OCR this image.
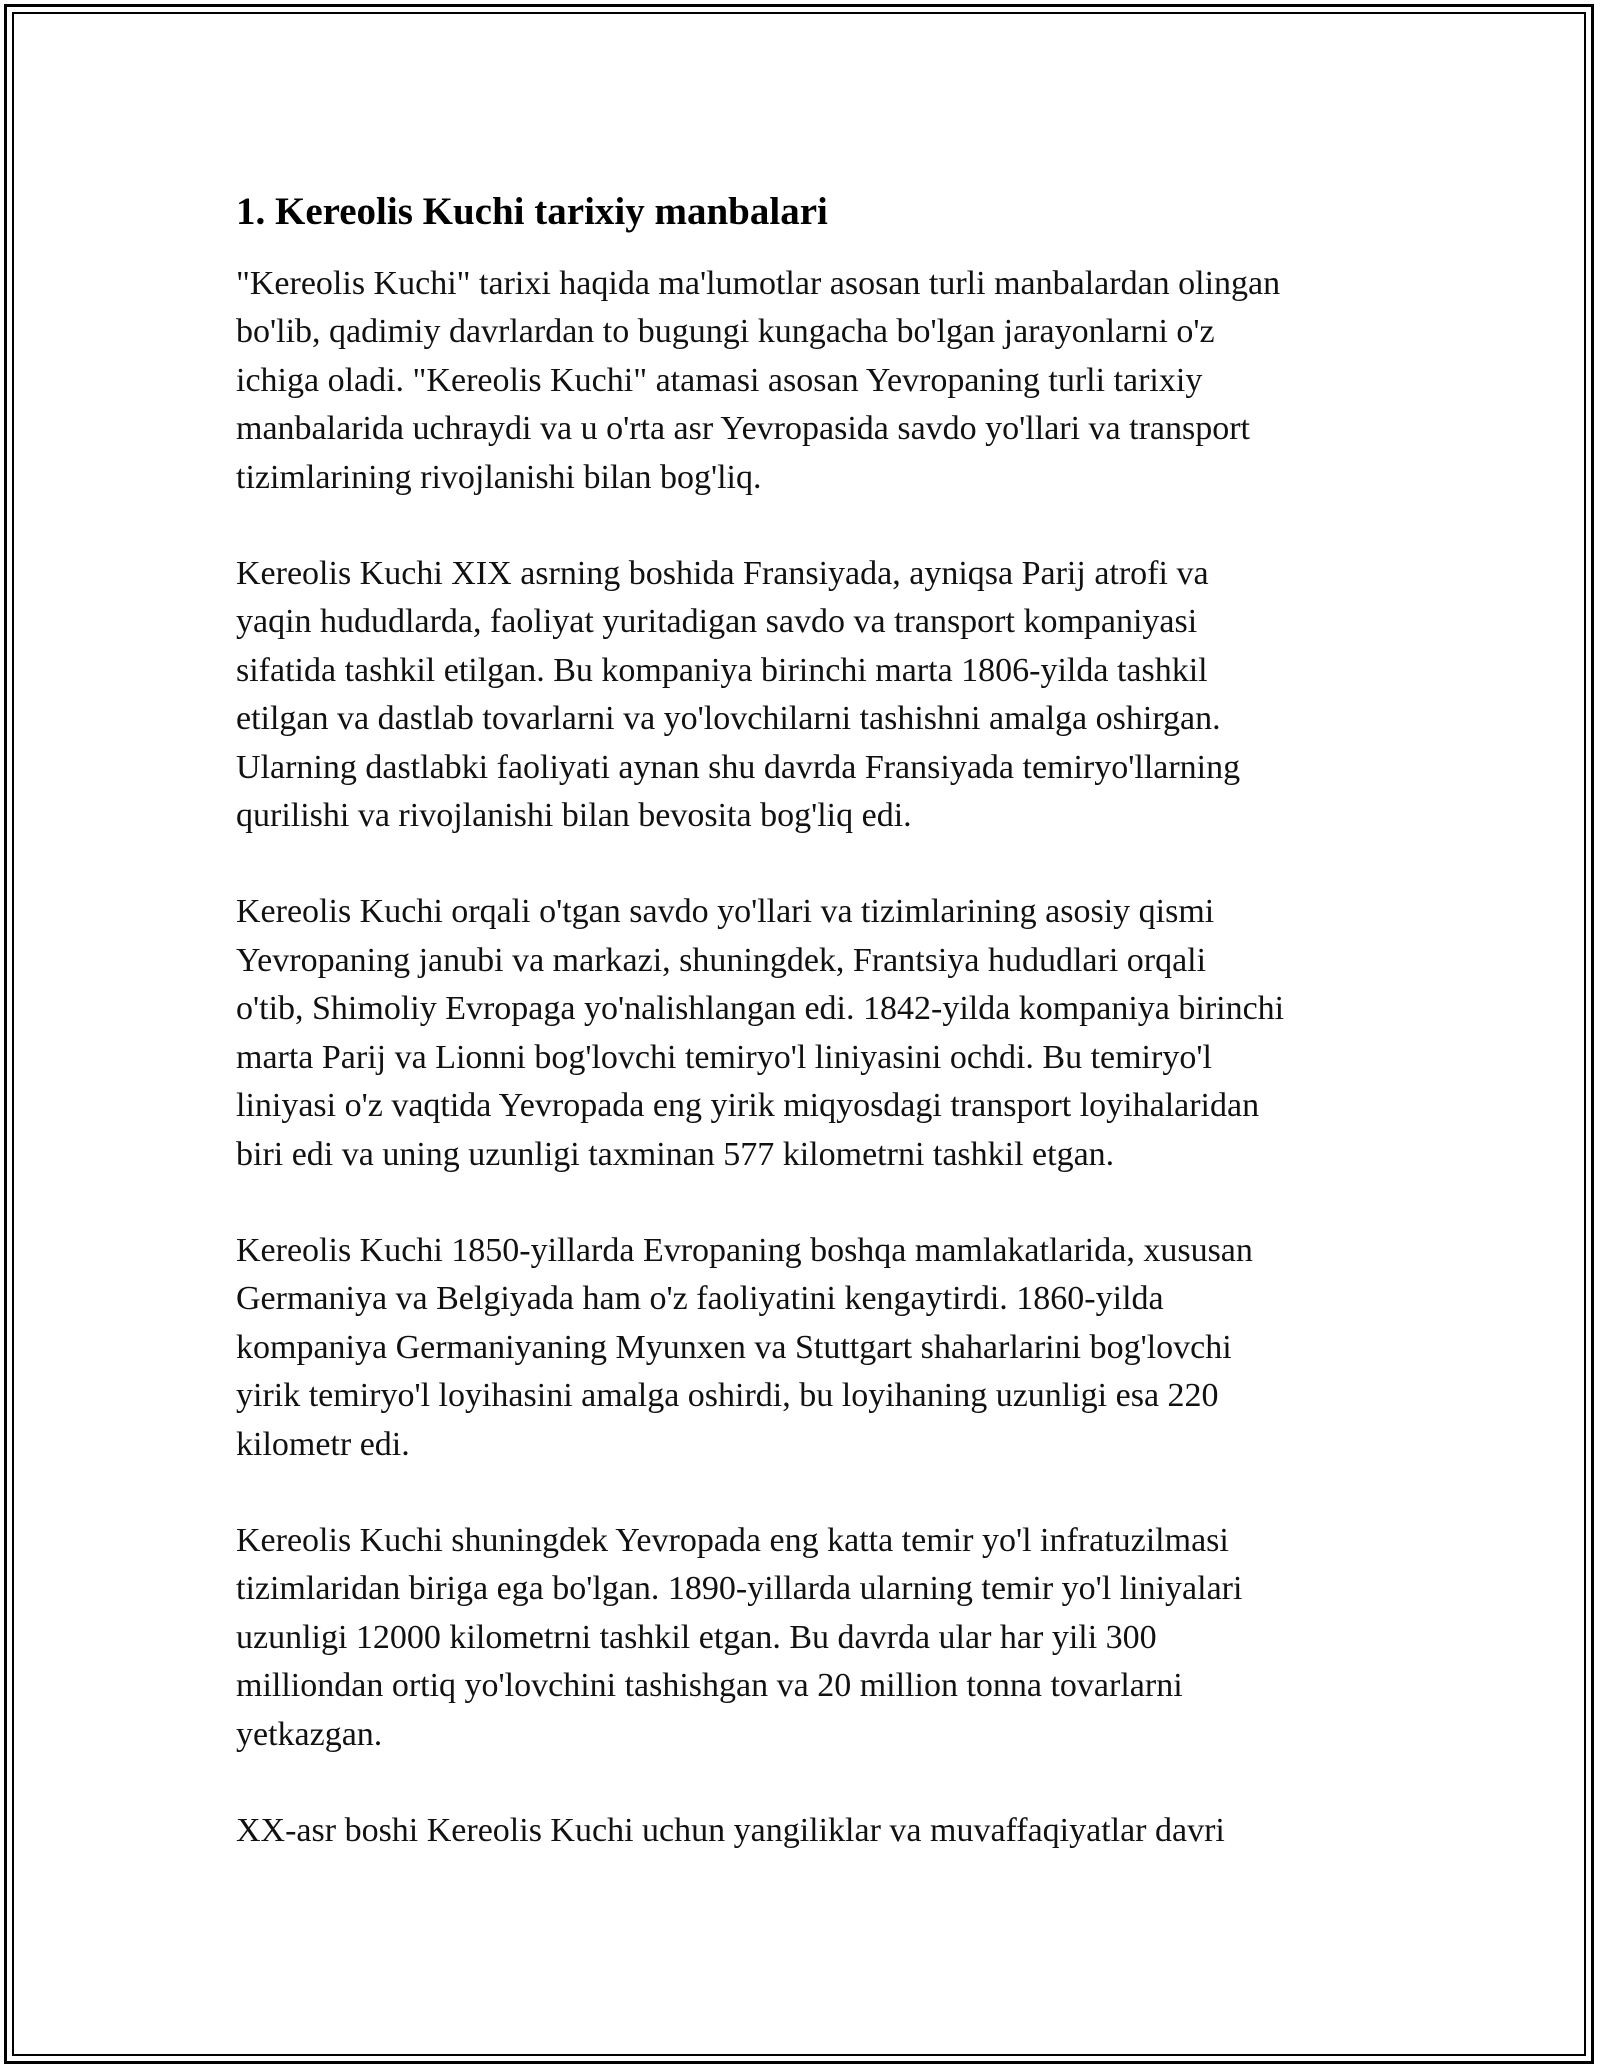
1. Kereolis Kuchi tarixiy manbalari

"Kereolis Kuchi" tarixi haqida ma'lumotlar asosan turli manbalardan olingan
bo'lib, qadimiy davrlardan to bugungi kungacha bo'lgan jarayonlarni o'z
ichiga oladi. "Kereolis Kuchi" atamasi asosan Yevropaning turli tarixiy
manbalarida uchraydi va u o'rta asr Yevropasida savdo yo'llari va transport
tizimlarining rivojlanishi bilan bog'liq.

Kereolis Kuchi XIX asrning boshida Fransiyada, ayniqsa Parij atrofi va
yaqin hududlarda, faoliyat yuritadigan savdo va transport kompaniyasi
sifatida tashkil etilgan. Bu kompaniya birinchi marta 1806-yilda tashkil
etilgan va dastlab tovarlarni va yo'lovchilarni tashishni amalga oshirgan.
Ularning dastlabki faoliyati aynan shu davrda Fransiyada temiryo'llarning
qurilishi va rivojlanishi bilan bevosita bog'liq edi.

Kereolis Kuchi orqali o'tgan savdo yo'llari va tizimlarining asosiy qismi
Yevropaning janubi va markazi, shuningdek, Frantsiya hududlari orqali
o'tib, Shimoliy Evropaga yo'nalishlangan edi. 1842-yilda kompaniya birinchi
marta Parij va Lionni bog'lovchi temiryo'l liniyasini ochdi. Bu temiryo'l
liniyasi o'z vaqtida Yevropada eng yirik miqyosdagi transport loyihalaridan
biri edi va uning uzunligi taxminan 577 kilometrni tashkil etgan.

Kereolis Kuchi 1850-yillarda Evropaning boshqa mamlakatlarida, xususan
Germaniya va Belgiyada ham o'z faoliyatini kengaytirdi. 1860-yilda
kompaniya Germaniyaning Myunxen va Stuttgart shaharlarini bog'lovchi
yirik temiryo'l loyihasini amalga oshirdi, bu loyihaning uzunligi esa 220
kilometr edi.

Kereolis Kuchi shuningdek Yevropada eng katta temir yo'l infratuzilmasi
tizimlaridan biriga ega bo'lgan. 1890-yillarda ularning temir yo'l liniyalari
uzunligi 12000 kilometrni tashkil etgan. Bu davrda ular har yili 300
milliondan ortiq yo'lovchini tashishgan va 20 million tonna tovarlarni
yetkazgan.

XX-asr boshi Kereolis Kuchi uchun yangiliklar va muvaffaqiyatlar davri
